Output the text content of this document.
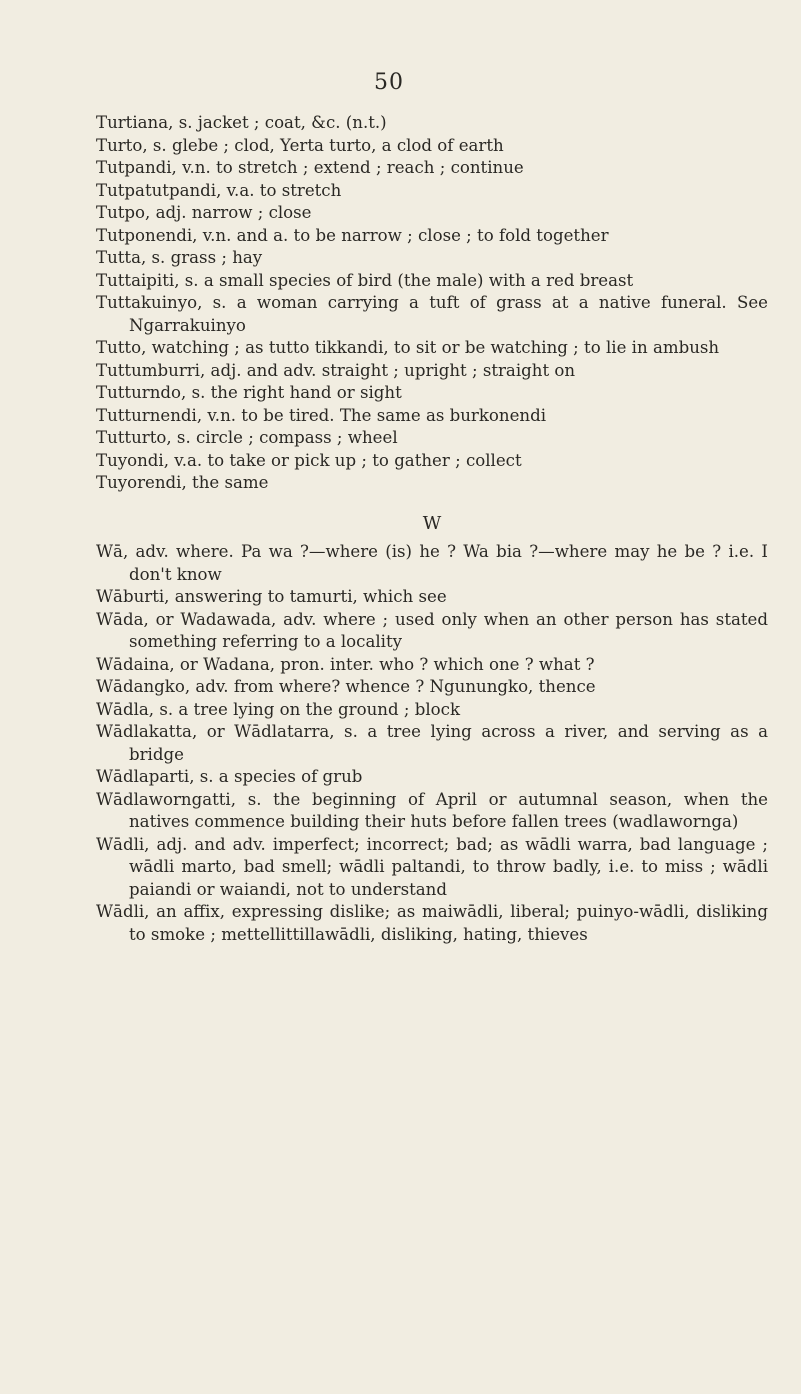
50

Turtiana, s. jacket ; coat, &c. (n.t.)

Turto, s. glebe ; clod, Yerta turto, a clod of earth

Tutpandi, v.n. to stretch ; extend ; reach ; continue

Tutpatutpandi, v.a. to stretch

Tutpo, adj. narrow ; close

Tutponendi, v.n. and a. to be narrow ; close ; to fold together

Tutta, s. grass ; hay

Tuttaipiti, s. a small species of bird (the male) with a red breast

Tuttakuinyo, s. a woman carrying a tuft of grass at a native funeral. See Ngarrakuinyo

Tutto, watching ; as tutto tikkandi, to sit or be watching ; to lie in ambush

Tuttumburri, adj. and adv. straight ; upright ; straight on

Tutturndo, s. the right hand or sight

Tutturnendi, v.n. to be tired. The same as burkonendi

Tutturto, s. circle ; compass ; wheel

Tuyondi, v.a. to take or pick up ; to gather ; collect

Tuyorendi, the same

W

Wā, adv. where. Pa wa ?—where (is) he ? Wa bia ?—where may he be ? i.e. I don't know

Wāburti, answering to tamurti, which see

Wāda, or Wadawada, adv. where ; used only when an other person has stated something referring to a locality

Wādaina, or Wadana, pron. inter. who ? which one ? what ?

Wādangko, adv. from where? whence ? Ngunungko, thence

Wādla, s. a tree lying on the ground ; block

Wādlakatta, or Wādlatarra, s. a tree lying across a river, and serving as a bridge

Wādlaparti, s. a species of grub

Wādlaworngatti, s. the beginning of April or autumnal season, when the natives commence building their huts before fallen trees (wadlawornga)

Wādli, adj. and adv. imperfect; incorrect; bad; as wādli warra, bad language ; wādli marto, bad smell; wādli paltandi, to throw badly, i.e. to miss ; wādli paiandi or waiandi, not to understand

Wādli, an affix, expressing dislike; as maiwādli, liberal; puinyo-wādli, disliking to smoke ; mettellittillawādli, disliking, hating, thieves
